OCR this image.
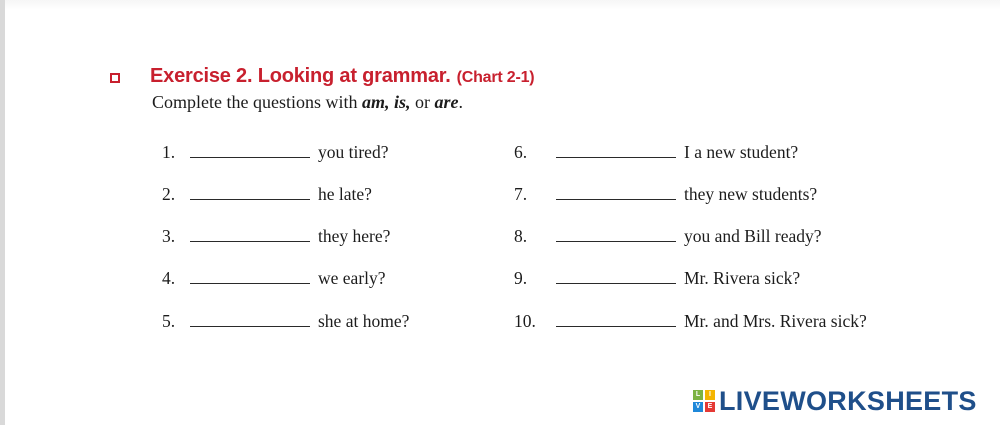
Exercise 2. Looking at grammar. (Chart 2-1)
Complete the questions with am, is, or are.
1.	you tired?
2.	he late?
3.	they here?
4.	we early?
5.	she at home?
6.	I a new student?
7.	they new students?
8.	you and Bill ready?
9.	Mr. Rivera sick?
10.	Mr. and Mrs. Rivera sick?
L	I
V	E LIVEWORKSHEETS
